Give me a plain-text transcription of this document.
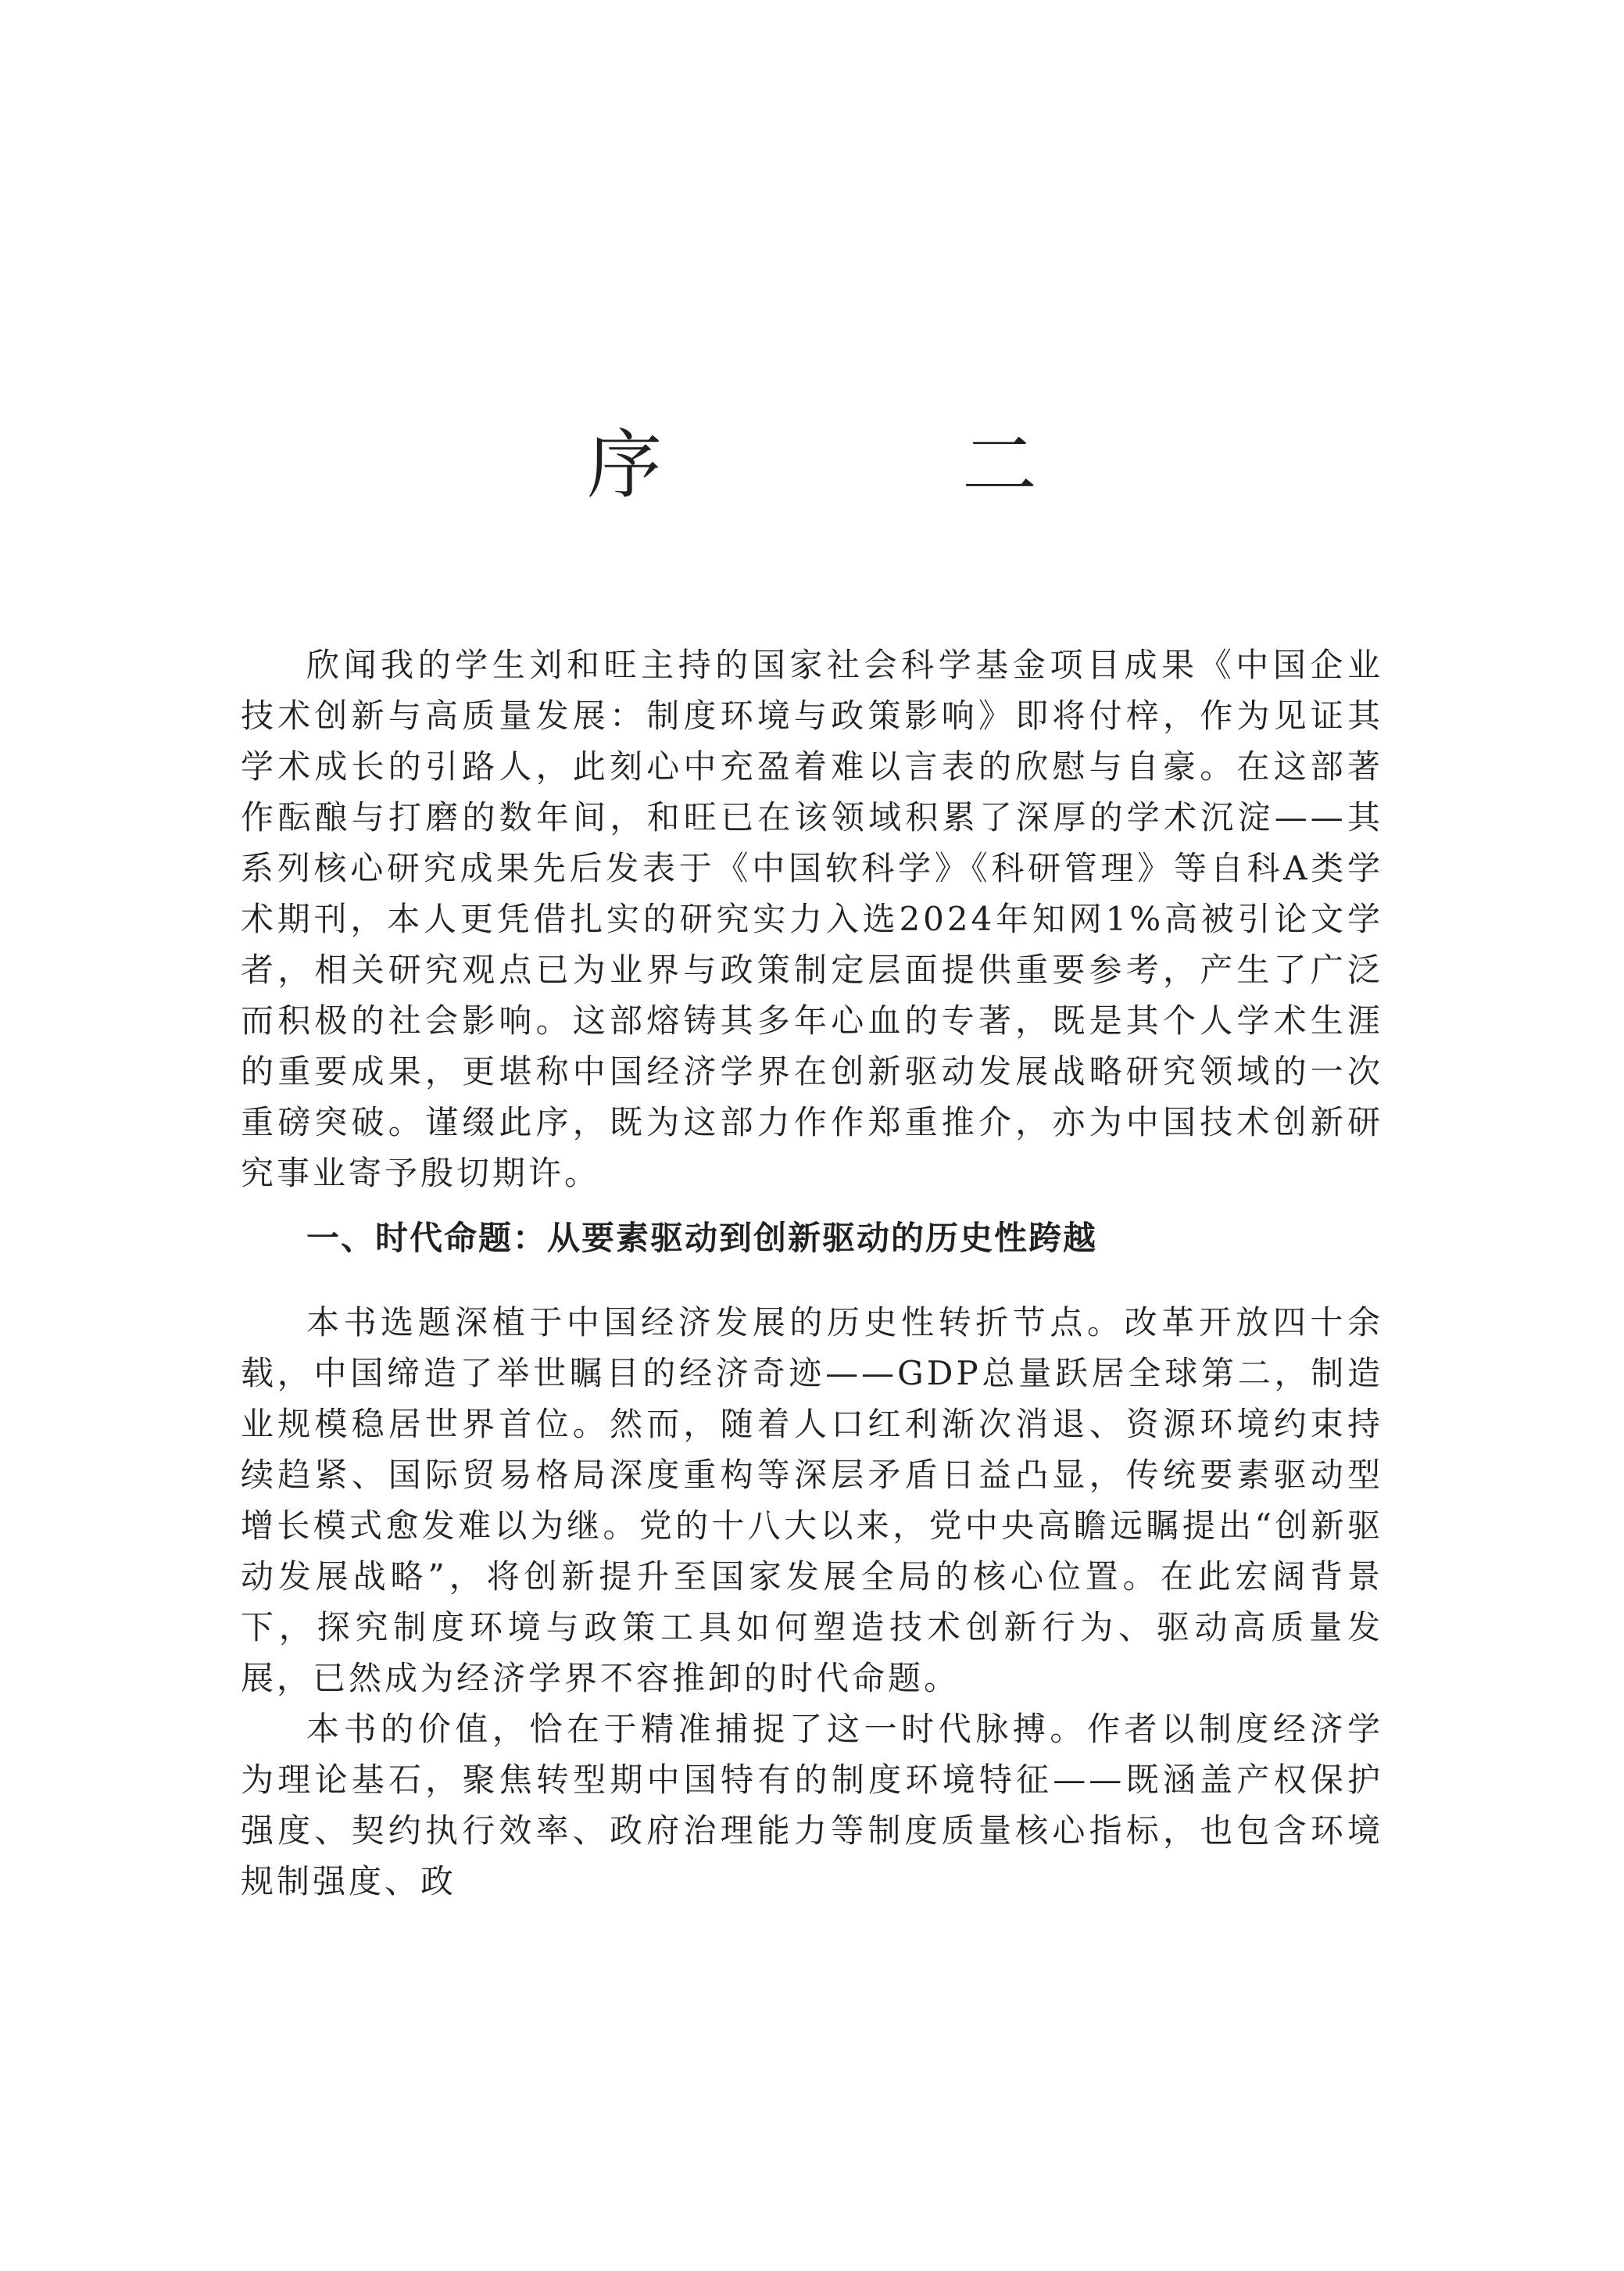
序　二

欣闻我的学生刘和旺主持的国家社会科学基金项目成果《中国企业技术创新与高质量发展：制度环境与政策影响》即将付梓，作为见证其学术成长的引路人，此刻心中充盈着难以言表的欣慰与自豪。在这部著作酝酿与打磨的数年间，和旺已在该领域积累了深厚的学术沉淀——其系列核心研究成果先后发表于《中国软科学》《科研管理》等自科A类学术期刊，本人更凭借扎实的研究实力入选2024年知网1%高被引论文学者，相关研究观点已为业界与政策制定层面提供重要参考，产生了广泛而积极的社会影响。这部熔铸其多年心血的专著，既是其个人学术生涯的重要成果，更堪称中国经济学界在创新驱动发展战略研究领域的一次重磅突破。谨缀此序，既为这部力作作郑重推介，亦为中国技术创新研究事业寄予殷切期许。

一、时代命题：从要素驱动到创新驱动的历史性跨越

本书选题深植于中国经济发展的历史性转折节点。改革开放四十余载，中国缔造了举世瞩目的经济奇迹——GDP总量跃居全球第二，制造业规模稳居世界首位。然而，随着人口红利渐次消退、资源环境约束持续趋紧、国际贸易格局深度重构等深层矛盾日益凸显，传统要素驱动型增长模式愈发难以为继。党的十八大以来，党中央高瞻远瞩提出“创新驱动发展战略”，将创新提升至国家发展全局的核心位置。在此宏阔背景下，探究制度环境与政策工具如何塑造技术创新行为、驱动高质量发展，已然成为经济学界不容推卸的时代命题。

本书的价值，恰在于精准捕捉了这一时代脉搏。作者以制度经济学为理论基石，聚焦转型期中国特有的制度环境特征——既涵盖产权保护强度、契约执行效率、政府治理能力等制度质量核心指标，也包含环境规制强度、政
